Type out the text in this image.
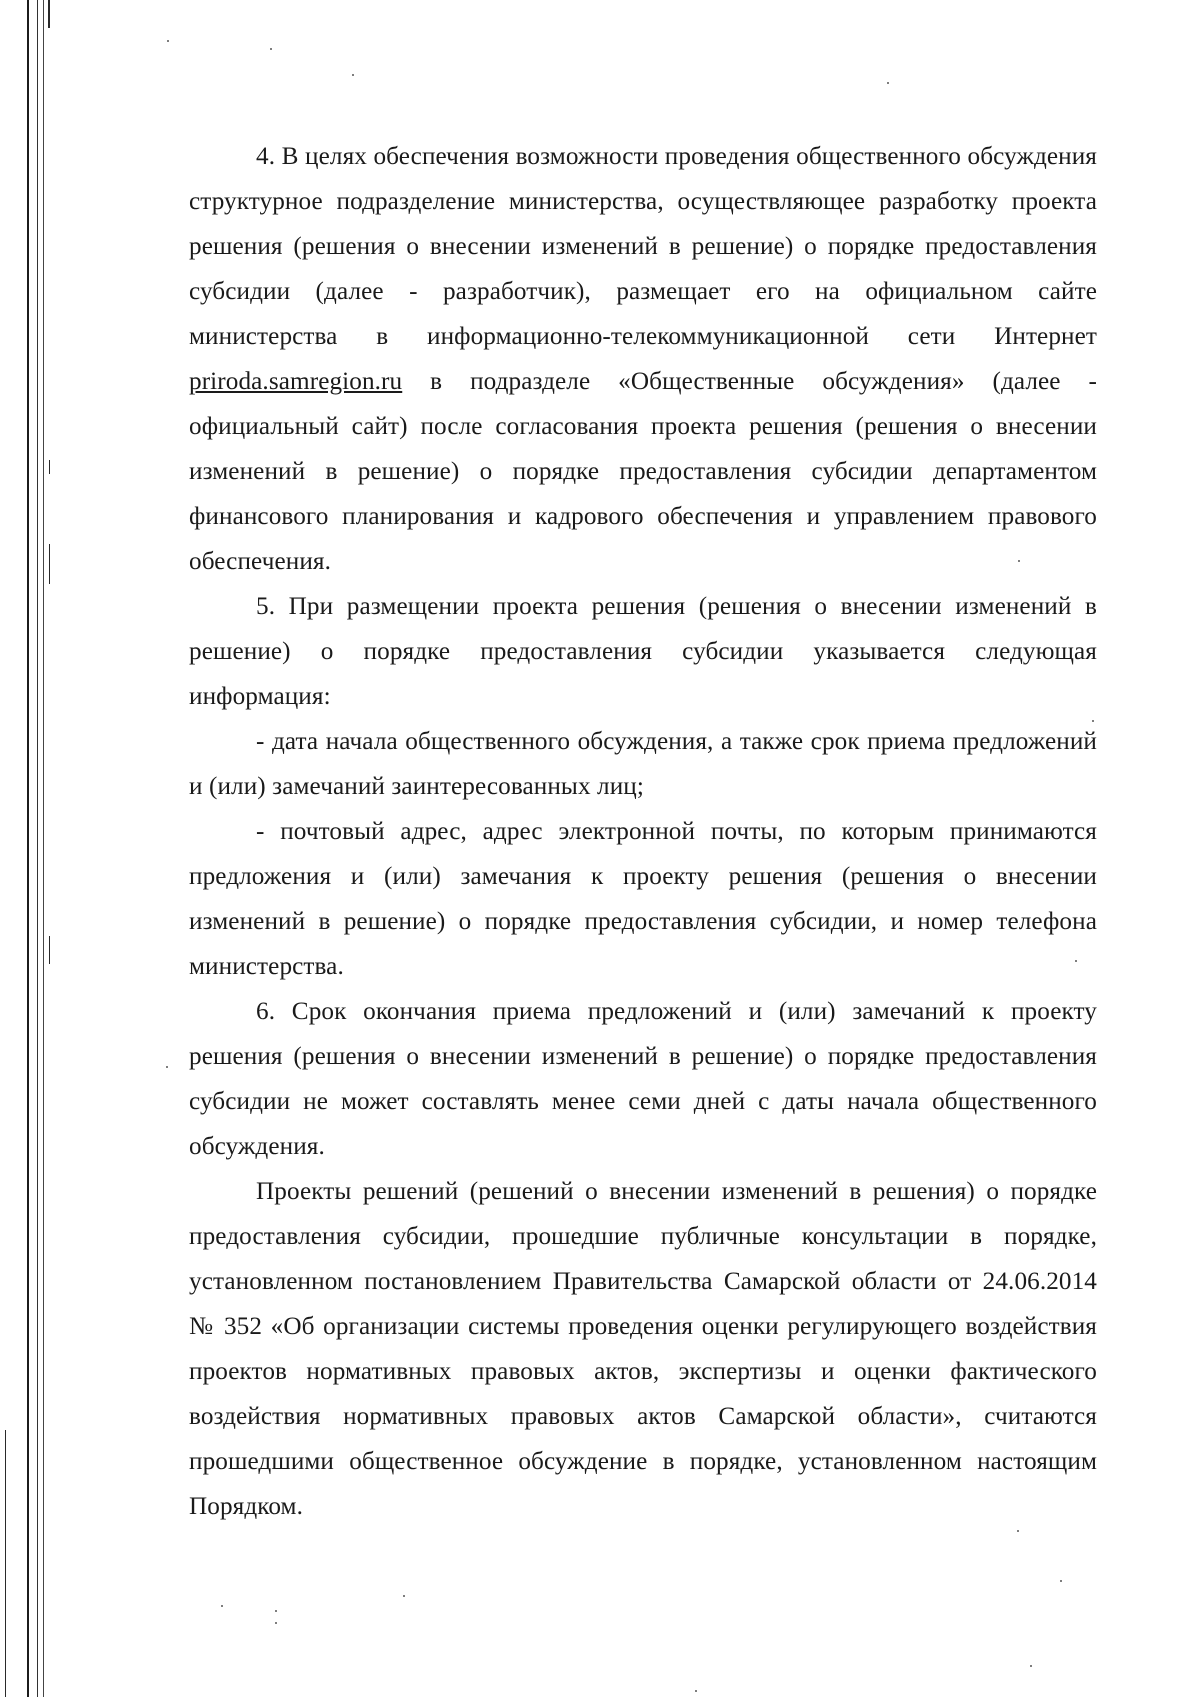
4. В целях обеспечения возможности проведения общественного обсуждения структурное подразделение министерства, осуществляющее разработку проекта решения (решения о внесении изменений в решение) о порядке предоставления субсидии (далее - разработчик), размещает его на официальном сайте министерства в информационно-телекоммуникационной сети Интернет priroda.samregion.ru в подразделе «Общественные обсуждения» (далее - официальный сайт) после согласования проекта решения (решения о внесении изменений в решение) о порядке предоставления субсидии департаментом финансового планирования и кадрового обеспечения и управлением правового обеспечения.

5. При размещении проекта решения (решения о внесении изменений в решение) о порядке предоставления субсидии указывается следующая информация:

- дата начала общественного обсуждения, а также срок приема предложений и (или) замечаний заинтересованных лиц;

- почтовый адрес, адрес электронной почты, по которым принимаются предложения и (или) замечания к проекту решения (решения о внесении изменений в решение) о порядке предоставления субсидии, и номер телефона министерства.

6. Срок окончания приема предложений и (или) замечаний к проекту решения (решения о внесении изменений в решение) о порядке предоставления субсидии не может составлять менее семи дней с даты начала общественного обсуждения.

Проекты решений (решений о внесении изменений в решения) о порядке предоставления субсидии, прошедшие публичные консультации в порядке, установленном постановлением Правительства Самарской области от 24.06.2014 № 352 «Об организации системы проведения оценки регулирующего воздействия проектов нормативных правовых актов, экспертизы и оценки фактического воздействия нормативных правовых актов Самарской области», считаются прошедшими общественное обсуждение в порядке, установленном настоящим Порядком.
